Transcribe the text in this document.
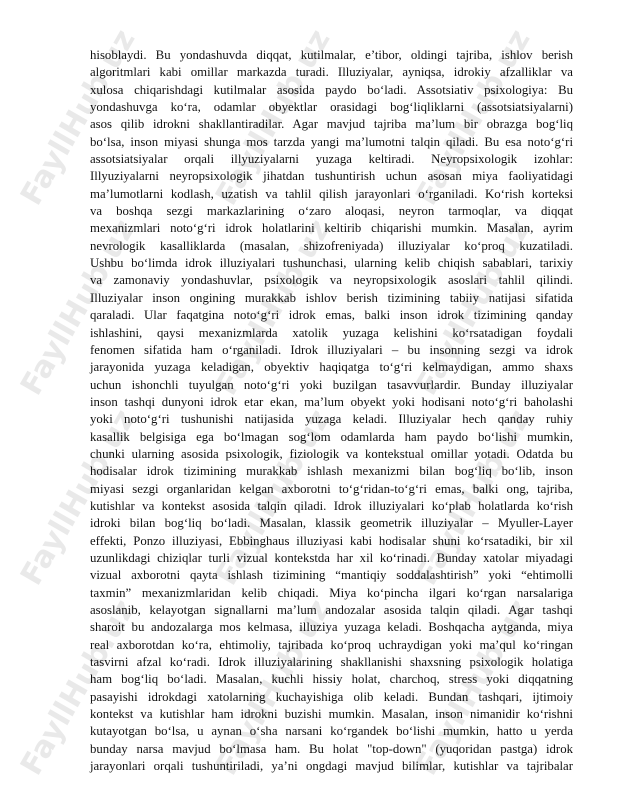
FayllHub.uz FayllHub.uz FayllHub.uz
FayllHub.uz FayllHub.uz FayllHub.uz
FayllHub.uz FayllHub.uz FayllHub.uz
FayllHub.uz FayllHub.uz FayllHub.uz
hisoblaydi. Bu yondashuvda diqqat, kutilmalar, e’tibor, oldingi tajriba, ishlov berish
algoritmlari kabi omillar markazda turadi. Illuziyalar, ayniqsa, idrokiy afzalliklar va
xulosa chiqarishdagi kutilmalar asosida paydo bo‘ladi. Assotsiativ psixologiya: Bu
yondashuvga ko‘ra, odamlar obyektlar orasidagi bog‘liqliklarni (assotsiatsiyalarni)
asos qilib idrokni shakllantiradilar. Agar mavjud tajriba ma’lum bir obrazga bog‘liq
bo‘lsa, inson miyasi shunga mos tarzda yangi ma’lumotni talqin qiladi. Bu esa noto‘g‘ri
assotsiatsiyalar orqali illyuziyalarni yuzaga keltiradi. Neyropsixologik izohlar:
Illyuziyalarni neyropsixologik jihatdan tushuntirish uchun asosan miya faoliyatidagi
ma’lumotlarni kodlash, uzatish va tahlil qilish jarayonlari o‘rganiladi. Ko‘rish korteksi
va boshqa sezgi markazlarining o‘zaro aloqasi, neyron tarmoqlar, va diqqat
mexanizmlari noto‘g‘ri idrok holatlarini keltirib chiqarishi mumkin. Masalan, ayrim
nevrologik kasalliklarda (masalan, shizofreniyada) illuziyalar ko‘proq kuzatiladi.
Ushbu bo‘limda idrok illuziyalari tushunchasi, ularning kelib chiqish sabablari, tarixiy
va zamonaviy yondashuvlar, psixologik va neyropsixologik asoslari tahlil qilindi.
Illuziyalar inson ongining murakkab ishlov berish tizimining tabiiy natijasi sifatida
qaraladi. Ular faqatgina noto‘g‘ri idrok emas, balki inson idrok tizimining qanday
ishlashini, qaysi mexanizmlarda xatolik yuzaga kelishini ko‘rsatadigan foydali
fenomen sifatida ham o‘rganiladi. Idrok illuziyalari – bu insonning sezgi va idrok
jarayonida yuzaga keladigan, obyektiv haqiqatga to‘g‘ri kelmaydigan, ammo shaxs
uchun ishonchli tuyulgan noto‘g‘ri yoki buzilgan tasavvurlardir. Bunday illuziyalar
inson tashqi dunyoni idrok etar ekan, ma’lum obyekt yoki hodisani noto‘g‘ri baholashi
yoki noto‘g‘ri tushunishi natijasida yuzaga keladi. Illuziyalar hech qanday ruhiy
kasallik belgisiga ega bo‘lmagan sog‘lom odamlarda ham paydo bo‘lishi mumkin,
chunki ularning asosida psixologik, fiziologik va kontekstual omillar yotadi. Odatda bu
hodisalar idrok tizimining murakkab ishlash mexanizmi bilan bog‘liq bo‘lib, inson
miyasi sezgi organlaridan kelgan axborotni to‘g‘ridan-to‘g‘ri emas, balki ong, tajriba,
kutishlar va kontekst asosida talqin qiladi. Idrok illuziyalari ko‘plab holatlarda ko‘rish
idroki bilan bog‘liq bo‘ladi. Masalan, klassik geometrik illuziyalar – Myuller-Layer
effekti, Ponzo illuziyasi, Ebbinghaus illuziyasi kabi hodisalar shuni ko‘rsatadiki, bir xil
uzunlikdagi chiziqlar turli vizual kontekstda har xil ko‘rinadi. Bunday xatolar miyadagi
vizual axborotni qayta ishlash tizimining “mantiqiy soddalashtirish” yoki “ehtimolli
taxmin” mexanizmlaridan kelib chiqadi. Miya ko‘pincha ilgari ko‘rgan narsalariga
asoslanib, kelayotgan signallarni ma’lum andozalar asosida talqin qiladi. Agar tashqi
sharoit bu andozalarga mos kelmasa, illuziya yuzaga keladi. Boshqacha aytganda, miya
real axborotdan ko‘ra, ehtimoliy, tajribada ko‘proq uchraydigan yoki ma’qul ko‘ringan
tasvirni afzal ko‘radi. Idrok illuziyalarining shakllanishi shaxsning psixologik holatiga
ham bog‘liq bo‘ladi. Masalan, kuchli hissiy holat, charchoq, stress yoki diqqatning
pasayishi idrokdagi xatolarning kuchayishiga olib keladi. Bundan tashqari, ijtimoiy
kontekst va kutishlar ham idrokni buzishi mumkin. Masalan, inson nimanidir ko‘rishni
kutayotgan bo‘lsa, u aynan o‘sha narsani ko‘rgandek bo‘lishi mumkin, hatto u yerda
bunday narsa mavjud bo‘lmasa ham. Bu holat "top-down" (yuqoridan pastga) idrok
jarayonlari orqali tushuntiriladi, ya’ni ongdagi mavjud bilimlar, kutishlar va tajribalar
